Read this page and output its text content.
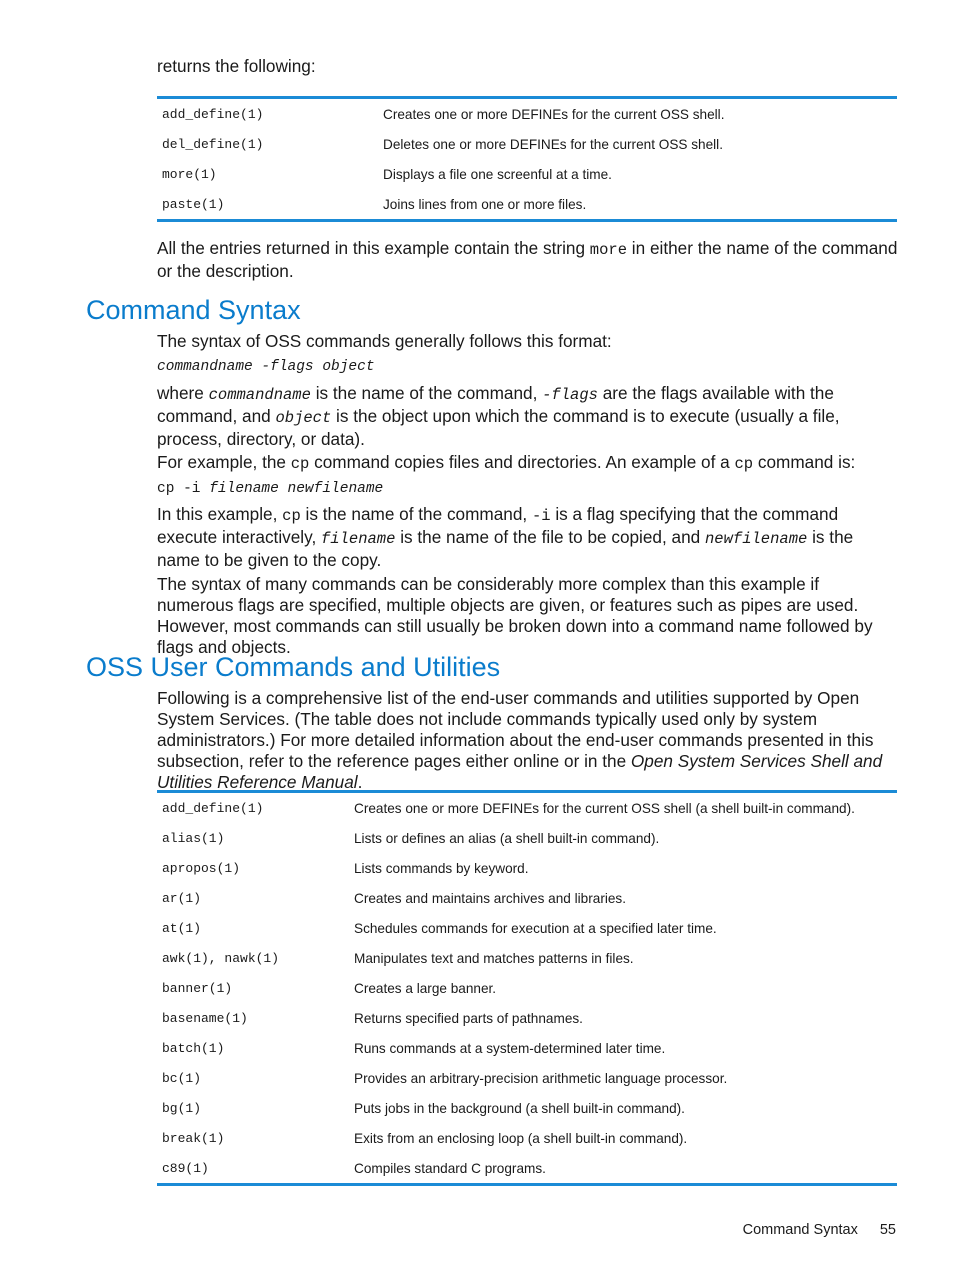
returns the following:

add_define(1)	Creates one or more DEFINEs for the current OSS shell.
del_define(1)	Deletes one or more DEFINEs for the current OSS shell.
more(1)	Displays a file one screenful at a time.
paste(1)	Joins lines from one or more files.

All the entries returned in this example contain the string more in either the name of the command or the description.

Command Syntax

The syntax of OSS commands generally follows this format:

commandname -flags object

where commandname is the name of the command, -flags are the flags available with the command, and object is the object upon which the command is to execute (usually a file, process, directory, or data).

For example, the cp command copies files and directories. An example of a cp command is:

cp -i filename newfilename

In this example, cp is the name of the command, -i is a flag specifying that the command execute interactively, filename is the name of the file to be copied, and newfilename is the name to be given to the copy.

The syntax of many commands can be considerably more complex than this example if numerous flags are specified, multiple objects are given, or features such as pipes are used. However, most commands can still usually be broken down into a command name followed by flags and objects.

OSS User Commands and Utilities

Following is a comprehensive list of the end-user commands and utilities supported by Open System Services. (The table does not include commands typically used only by system administrators.) For more detailed information about the end-user commands presented in this subsection, refer to the reference pages either online or in the Open System Services Shell and Utilities Reference Manual.

add_define(1)	Creates one or more DEFINEs for the current OSS shell (a shell built-in command).
alias(1)	Lists or defines an alias (a shell built-in command).
apropos(1)	Lists commands by keyword.
ar(1)	Creates and maintains archives and libraries.
at(1)	Schedules commands for execution at a specified later time.
awk(1), nawk(1)	Manipulates text and matches patterns in files.
banner(1)	Creates a large banner.
basename(1)	Returns specified parts of pathnames.
batch(1)	Runs commands at a system-determined later time.
bc(1)	Provides an arbitrary-precision arithmetic language processor.
bg(1)	Puts jobs in the background (a shell built-in command).
break(1)	Exits from an enclosing loop (a shell built-in command).
c89(1)	Compiles standard C programs.
Command Syntax 55
